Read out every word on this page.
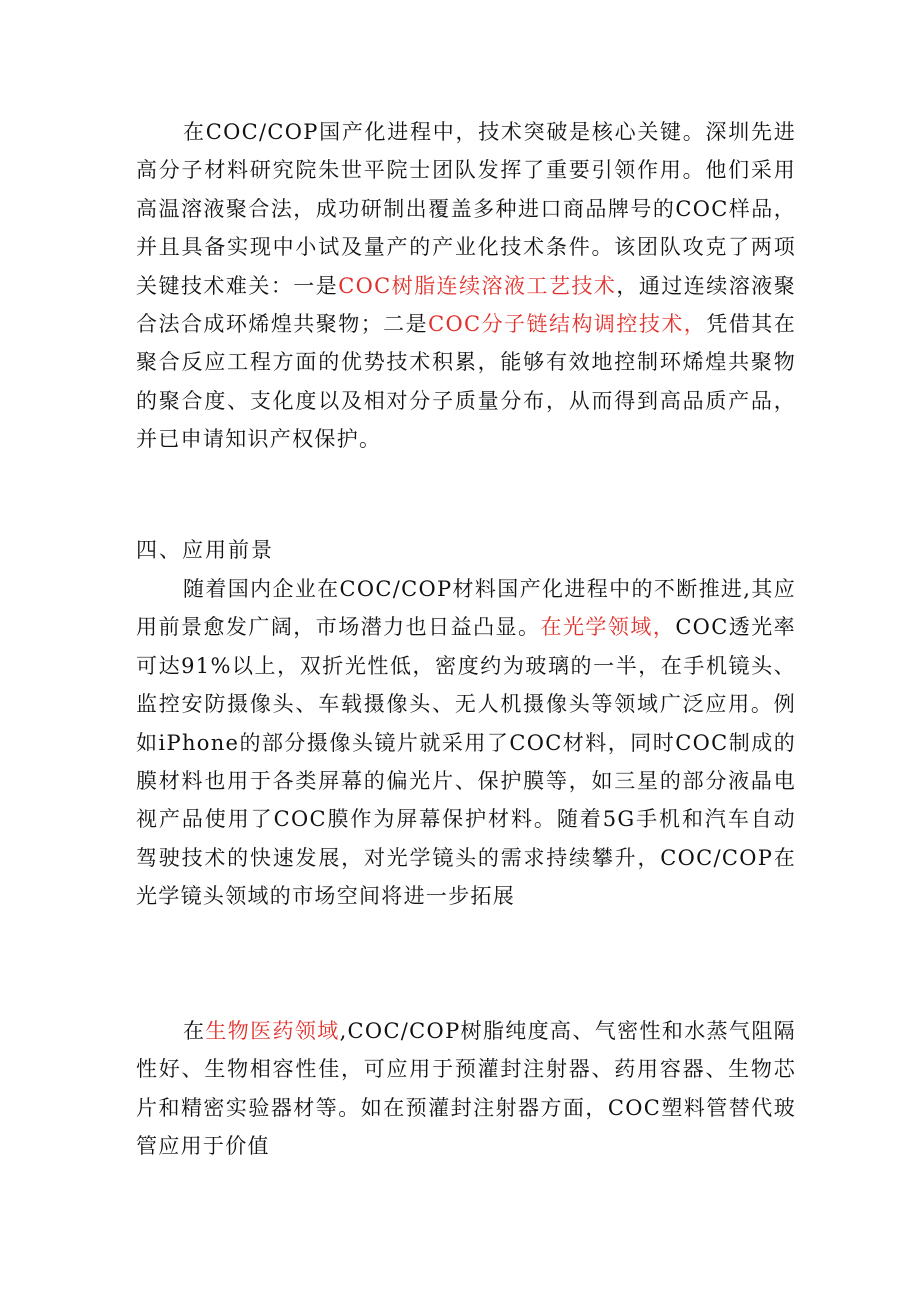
在COC/COP国产化进程中，技术突破是核心关键。深圳先进高分子材料研究院朱世平院士团队发挥了重要引领作用。他们采用高温溶液聚合法，成功研制出覆盖多种进口商品牌号的COC样品，并且具备实现中小试及量产的产业化技术条件。该团队攻克了两项关键技术难关：一是COC树脂连续溶液工艺技术，通过连续溶液聚合法合成环烯煌共聚物；二是COC分子链结构调控技术，凭借其在聚合反应工程方面的优势技术积累，能够有效地控制环烯煌共聚物的聚合度、支化度以及相对分子质量分布，从而得到高品质产品，并已申请知识产权保护。

四、应用前景

随着国内企业在COC/COP材料国产化进程中的不断推进,其应用前景愈发广阔，市场潜力也日益凸显。在光学领域，COC透光率可达91%以上，双折光性低，密度约为玻璃的一半，在手机镜头、监控安防摄像头、车载摄像头、无人机摄像头等领域广泛应用。例如iPhone的部分摄像头镜片就采用了COC材料，同时COC制成的膜材料也用于各类屏幕的偏光片、保护膜等，如三星的部分液晶电视产品使用了COC膜作为屏幕保护材料。随着5G手机和汽车自动驾驶技术的快速发展，对光学镜头的需求持续攀升，COC/COP在光学镜头领域的市场空间将进一步拓展

在生物医药领域,COC/COP树脂纯度高、气密性和水蒸气阻隔性好、生物相容性佳，可应用于预灌封注射器、药用容器、生物芯片和精密实验器材等。如在预灌封注射器方面，COC塑料管替代玻管应用于价值
